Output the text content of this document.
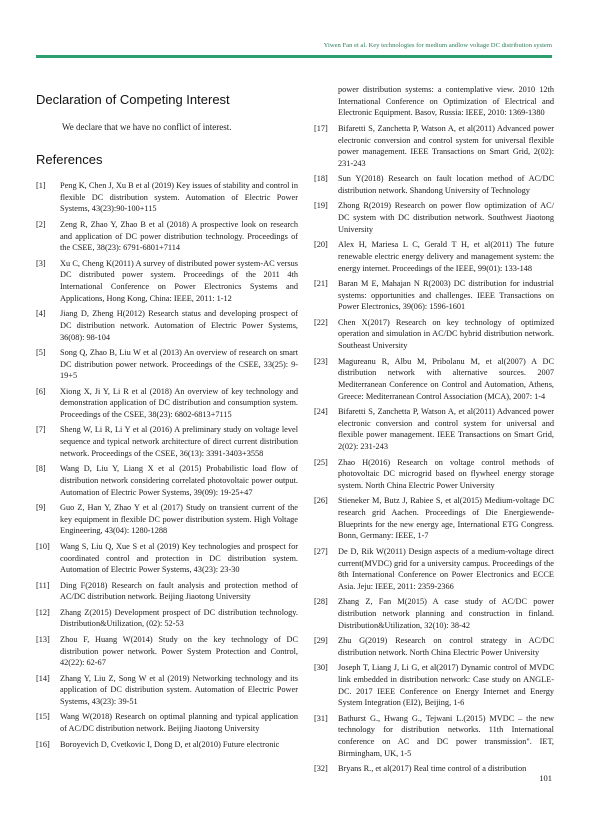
Yiwen Fan et al. Key technologies for medium andlow voltage DC distribution system
Declaration of Competing Interest
We declare that we have no conflict of interest.
References
[1]	Peng K, Chen J, Xu B et al (2019) Key issues of stability and control in flexible DC distribution system. Automation of Electric Power Systems, 43(23):90-100+115
[2]	Zeng R, Zhao Y, Zhao B et al (2018) A prospective look on research and application of DC power distribution technology. Proceedings of the CSEE, 38(23): 6791-6801+7114
[3]	Xu C, Cheng K(2011) A survey of distributed power system-AC versus DC distributed power system. Proceedings of the 2011 4th International Conference on Power Electronics Systems and Applications, Hong Kong, China: IEEE, 2011: 1-12
[4]	Jiang D, Zheng H(2012) Research status and developing prospect of DC distribution network. Automation of Electric Power Systems, 36(08): 98-104
[5]	Song Q, Zhao B, Liu W et al (2013) An overview of research on smart DC distribution power network. Proceedings of the CSEE, 33(25): 9-19+5
[6]	Xiong X, Ji Y, Li R et al (2018) An overview of key technology and demonstration application of DC distribution and consumption system. Proceedings of the CSEE, 38(23): 6802-6813+7115
[7]	Sheng W, Li R, Li Y et al (2016) A preliminary study on voltage level sequence and typical network architecture of direct current distribution network. Proceedings of the CSEE, 36(13): 3391-3403+3558
[8]	Wang D, Liu Y, Liang X et al (2015) Probabilistic load flow of distribution network considering correlated photovoltaic power output. Automation of Electric Power Systems, 39(09): 19-25+47
[9]	Guo Z, Han Y, Zhao Y et al (2017) Study on transient current of the key equipment in flexible DC power distribution system. High Voltage Engineering, 43(04): 1280-1288
[10]	Wang S, Liu Q, Xue S et al (2019) Key technologies and prospect for coordinated control and protection in DC distribution system. Automation of Electric Power Systems, 43(23): 23-30
[11]	Ding F(2018) Research on fault analysis and protection method of AC/DC distribution network. Beijing Jiaotong University
[12]	Zhang Z(2015) Development prospect of DC distribution technology. Distribution&Utilization, (02): 52-53
[13]	Zhou F, Huang W(2014) Study on the key technology of DC distribution power network. Power System Protection and Control, 42(22): 62-67
[14]	Zhang Y, Liu Z, Song W et al (2019) Networking technology and its application of DC distribution system. Automation of Electric Power Systems, 43(23): 39-51
[15]	Wang W(2018) Research on optimal planning and typical application of AC/DC distribution network. Beijing Jiaotong University
[16]	Boroyevich D, Cvetkovic I, Dong D, et al(2010) Future electronic
power distribution systems: a contemplative view. 2010 12th International Conference on Optimization of Electrical and Electronic Equipment. Basov, Russia: IEEE, 2010: 1369-1380
[17]	Bifaretti S, Zanchetta P, Watson A, et al(2011) Advanced power electronic conversion and control system for universal flexible power management. IEEE Transactions on Smart Grid, 2(02): 231-243
[18]	Sun Y(2018) Research on fault location method of AC/DC distribution network. Shandong University of Technology
[19]	Zhong R(2019) Research on power flow optimization of AC/ DC system with DC distribution network. Southwest Jiaotong University
[20]	Alex H, Mariesa L C, Gerald T H, et al(2011) The future renewable electric energy delivery and management system: the energy internet. Proceedings of the IEEE, 99(01): 133-148
[21]	Baran M E, Mahajan N R(2003) DC distribution for industrial systems: opportunities and challenges. IEEE Transactions on Power Electronics, 39(06): 1596-1601
[22]	Chen X(2017) Research on key technology of optimized operation and simulation in AC/DC hybrid distribution network. Southeast University
[23]	Magureanu R, Albu M, Pribolanu M, et al(2007) A DC distribution network with alternative sources. 2007 Mediterranean Conference on Control and Automation, Athens, Greece: Mediterranean Control Association (MCA), 2007: 1-4
[24]	Bifaretti S, Zanchetta P, Watson A, et al(2011) Advanced power electronic conversion and control system for universal and flexible power management. IEEE Transactions on Smart Grid, 2(02): 231-243
[25]	Zhao H(2016) Research on voltage control methods of photovoltaic DC microgrid based on flywheel energy storage system. North China Electric Power University
[26]	Stieneker M, Butz J, Rabiee S, et al(2015) Medium-voltage DC research grid Aachen. Proceedings of Die Energiewende-Blueprints for the new energy age, International ETG Congress. Bonn, Germany: IEEE, 1-7
[27]	De D, Rik W(2011) Design aspects of a medium-voltage direct current(MVDC) grid for a university campus. Proceedings of the 8th International Conference on Power Electronics and ECCE Asia. Jeju: IEEE, 2011: 2359-2366
[28]	Zhang Z, Fan M(2015) A case study of AC/DC power distribution network planning and construction in finland. Distribution&Utilization, 32(10): 38-42
[29]	Zhu G(2019) Research on control strategy in AC/DC distribution network. North China Electric Power University
[30]	Joseph T, Liang J, Li G, et al(2017) Dynamic control of MVDC link embedded in distribution network: Case study on ANGLE-DC. 2017 IEEE Conference on Energy Internet and Energy System Integration (EI2), Beijing, 1-6
[31]	Bathurst G., Hwang G., Tejwani L.(2015) MVDC – the new technology for distribution networks. 11th International conference on AC and DC power transmission". IET, Birmingham, UK, 1-5
[32]	Bryans R., et al(2017) Real time control of a distribution
101
